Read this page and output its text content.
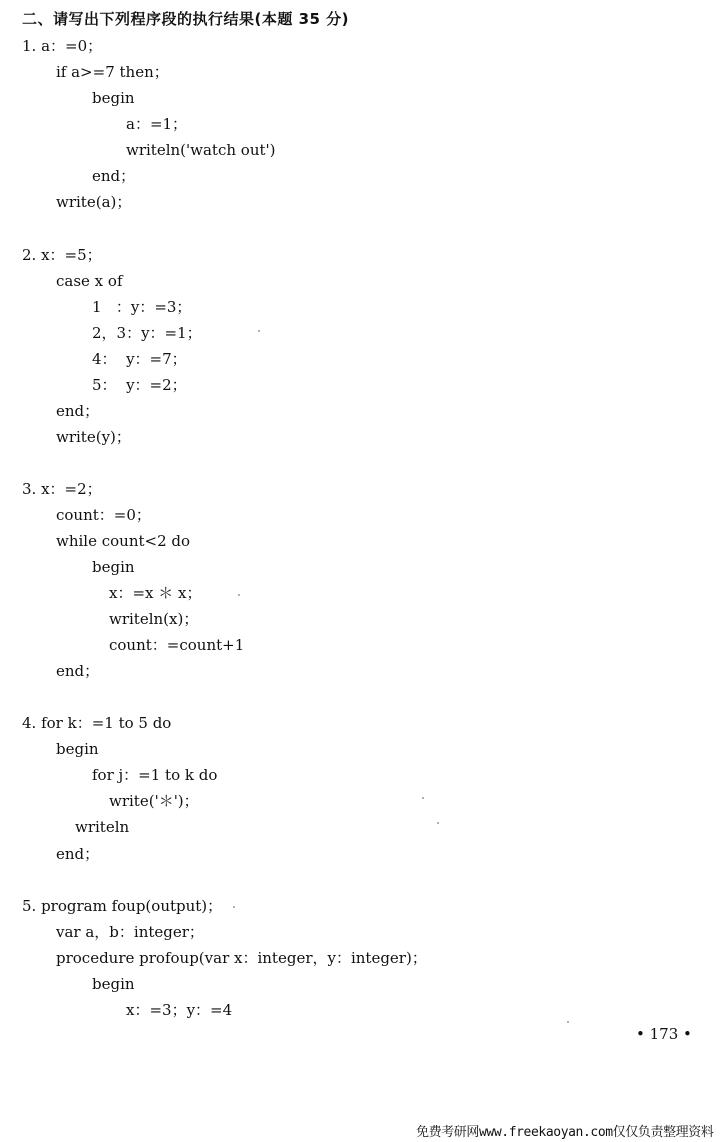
二、请写出下列程序段的执行结果(本题 35 分)
1. a：=0；
if a>=7 then；
begin
a：=1；
writeln('watch out')
end；
write(a)；
2. x：=5；
case x of
1   ：y：=3；
2，3：y：=1；
4：  y：=7；
5：  y：=2；
end；
write(y)；
3. x：=2；
count：=0；
while count<2 do
begin
x：=x ＊ x；
writeln(x)；
count：=count+1
end；
4. for k：=1 to 5 do
begin
for j：=1 to k do
write('＊')；
writeln
end；
5. program foup(output)；
var a，b：integer；
procedure profoup(var x：integer，y：integer)；
begin
x：=3；y：=4
• 173 •
免费考研网www.freekaoyan.com仅仅负责整理资料
